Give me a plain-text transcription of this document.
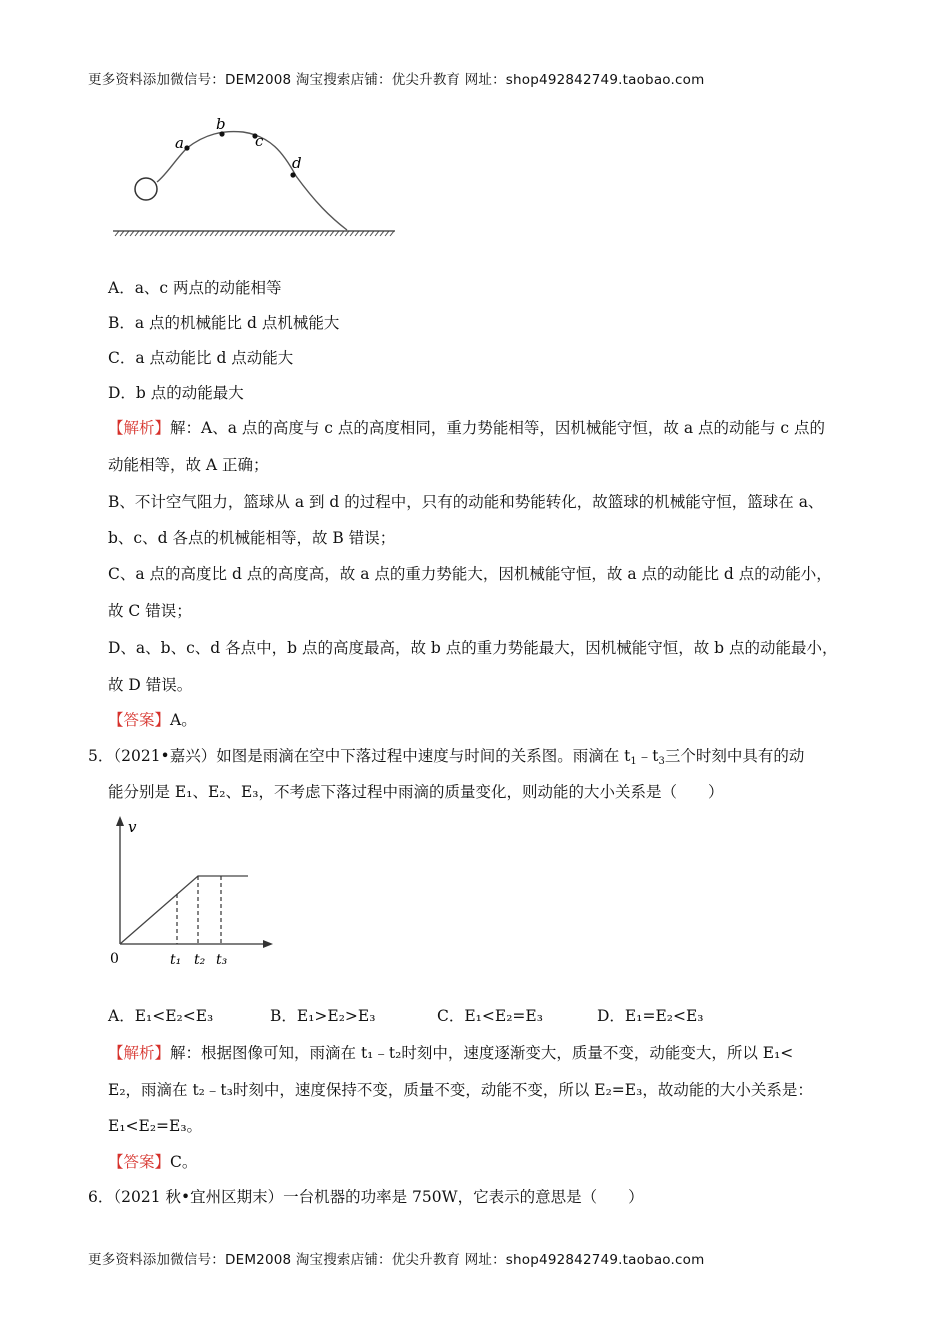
更多资料添加微信号：DEM2008 淘宝搜索店铺：优尖升教育 网址：shop492842749.taobao.com
a
b
c
d
A．a、c 两点的动能相等
B．a 点的机械能比 d 点机械能大
C．a 点动能比 d 点动能大
D．b 点的动能最大
【解析】解：A、a 点的高度与 c 点的高度相同，重力势能相等，因机械能守恒，故 a 点的动能与 c 点的
动能相等，故 A 正确；
B、不计空气阻力，篮球从 a 到 d 的过程中，只有的动能和势能转化，故篮球的机械能守恒，篮球在 a、
b、c、d 各点的机械能相等，故 B 错误；
C、a 点的高度比 d 点的高度高，故 a 点的重力势能大，因机械能守恒，故 a 点的动能比 d 点的动能小，
故 C 错误；
D、a、b、c、d 各点中，b 点的高度最高，故 b 点的重力势能最大，因机械能守恒，故 b 点的动能最小，
故 D 错误。
【答案】A。
5．（2021•嘉兴）如图是雨滴在空中下落过程中速度与时间的关系图。雨滴在 $t_1﹣t_3$三个时刻中具有的动
能分别是 E₁、E₂、E₃，不考虑下落过程中雨滴的质量变化，则动能的大小关系是（　　）
v
0	t₁ t₂ t₃
A．E₁<E₂<E₃	B．E₁>E₂>E₃	C．E₁<E₂=E₃	D．E₁=E₂<E₃
【解析】解：根据图像可知，雨滴在 t₁﹣t₂时刻中，速度逐渐变大，质量不变，动能变大，所以 E₁<
E₂，雨滴在 t₂﹣t₃时刻中，速度保持不变，质量不变，动能不变，所以 E₂=E₃，故动能的大小关系是：
E₁<E₂=E₃。
【答案】C。
6．（2021 秋•宜州区期末）一台机器的功率是 750W，它表示的意思是（　　）
更多资料添加微信号：DEM2008 淘宝搜索店铺：优尖升教育 网址：shop492842749.taobao.com
